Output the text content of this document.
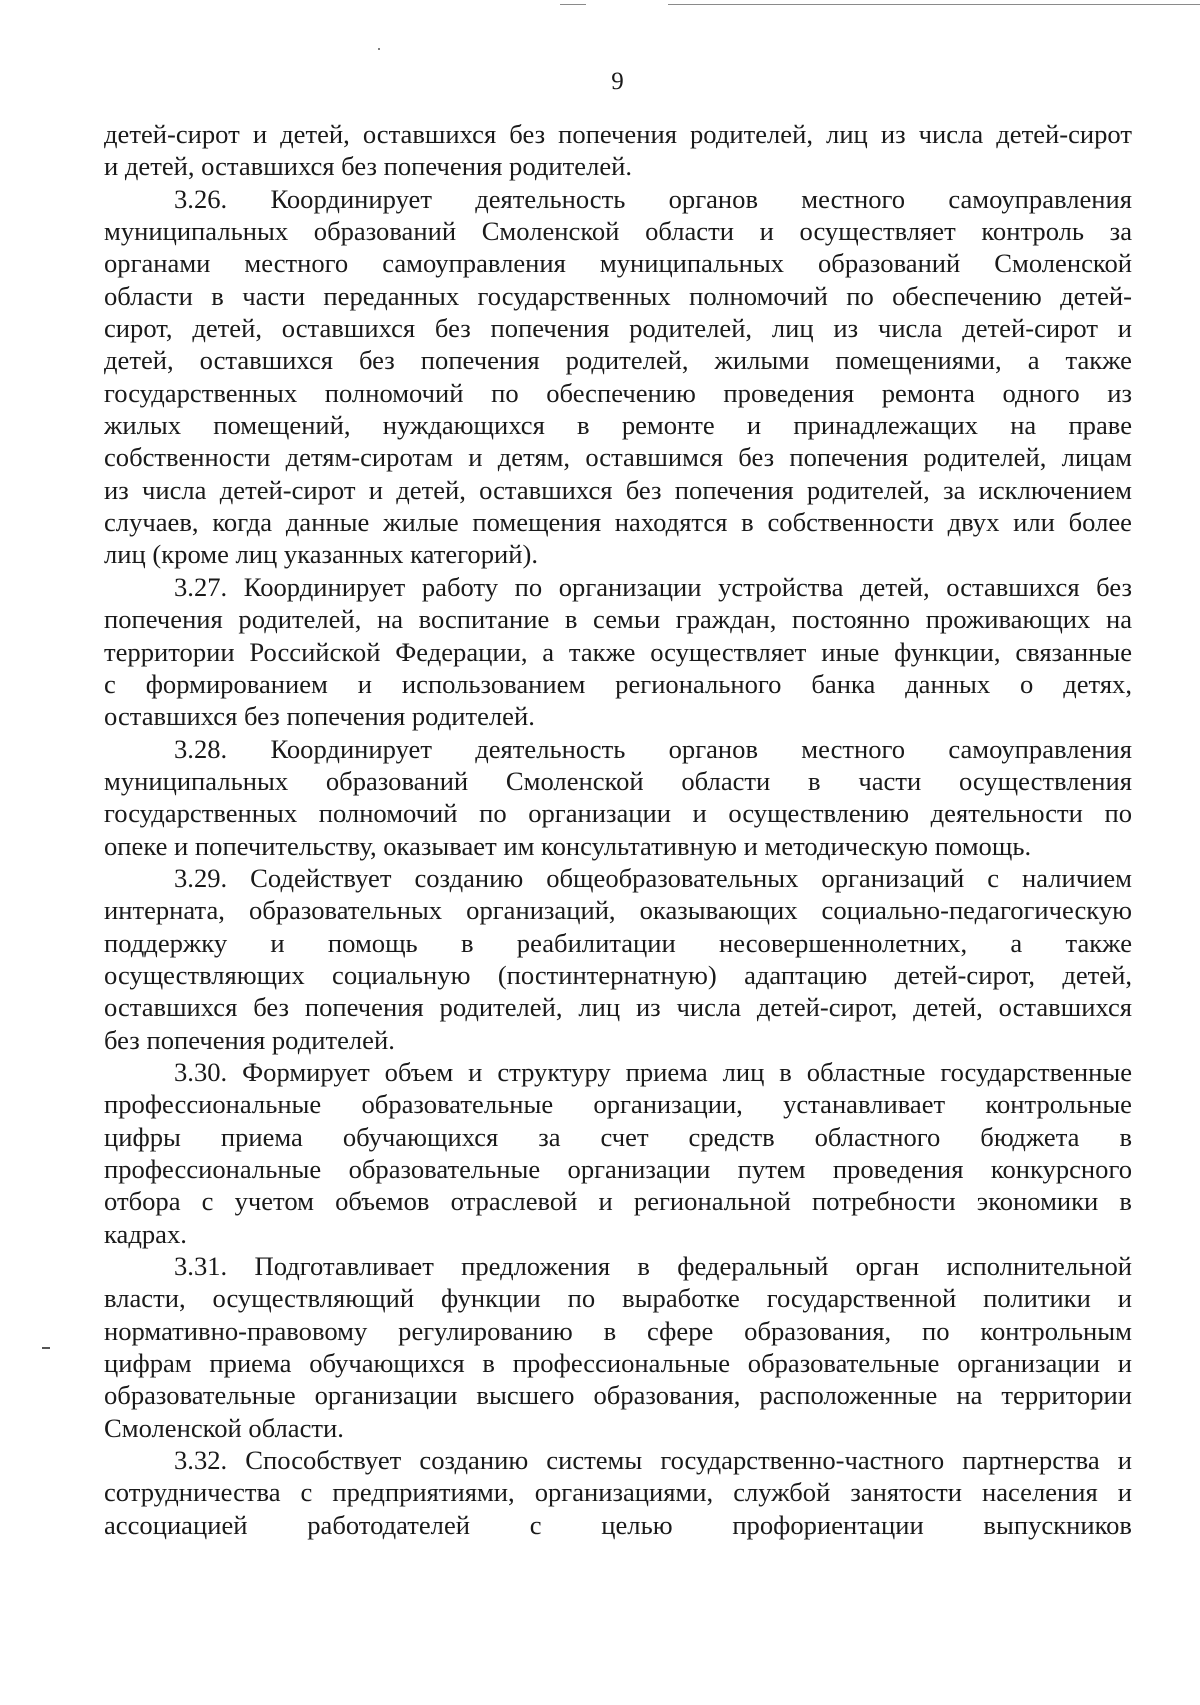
9
детей-сирот и детей, оставшихся без попечения родителей, лиц из числа детей-сирот
и детей, оставшихся без попечения родителей.
3.26. Координирует деятельность органов местного самоуправления
муниципальных образований Смоленской области и осуществляет контроль за
органами местного самоуправления муниципальных образований Смоленской
области в части переданных государственных полномочий по обеспечению детей-
сирот, детей, оставшихся без попечения родителей, лиц из числа детей-сирот и
детей, оставшихся без попечения родителей, жилыми помещениями, а также
государственных полномочий по обеспечению проведения ремонта одного из
жилых помещений, нуждающихся в ремонте и принадлежащих на праве
собственности детям-сиротам и детям, оставшимся без попечения родителей, лицам
из числа детей-сирот и детей, оставшихся без попечения родителей, за исключением
случаев, когда данные жилые помещения находятся в собственности двух или более
лиц (кроме лиц указанных категорий).
3.27. Координирует работу по организации устройства детей, оставшихся без
попечения родителей, на воспитание в семьи граждан, постоянно проживающих на
территории Российской Федерации, а также осуществляет иные функции, связанные
с формированием и использованием регионального банка данных о детях,
оставшихся без попечения родителей.
3.28. Координирует деятельность органов местного самоуправления
муниципальных образований Смоленской области в части осуществления
государственных полномочий по организации и осуществлению деятельности по
опеке и попечительству, оказывает им консультативную и методическую помощь.
3.29. Содействует созданию общеобразовательных организаций с наличием
интерната, образовательных организаций, оказывающих социально-педагогическую
поддержку и помощь в реабилитации несовершеннолетних, а также
осуществляющих социальную (постинтернатную) адаптацию детей-сирот, детей,
оставшихся без попечения родителей, лиц из числа детей-сирот, детей, оставшихся
без попечения родителей.
3.30. Формирует объем и структуру приема лиц в областные государственные
профессиональные образовательные организации, устанавливает контрольные
цифры приема обучающихся за счет средств областного бюджета в
профессиональные образовательные организации путем проведения конкурсного
отбора с учетом объемов отраслевой и региональной потребности экономики в
кадрах.
3.31. Подготавливает предложения в федеральный орган исполнительной
власти, осуществляющий функции по выработке государственной политики и
нормативно-правовому регулированию в сфере образования, по контрольным
цифрам приема обучающихся в профессиональные образовательные организации и
образовательные организации высшего образования, расположенные на территории
Смоленской области.
3.32. Способствует созданию системы государственно-частного партнерства и
сотрудничества с предприятиями, организациями, службой занятости населения и
ассоциацией работодателей с целью профориентации выпускников
